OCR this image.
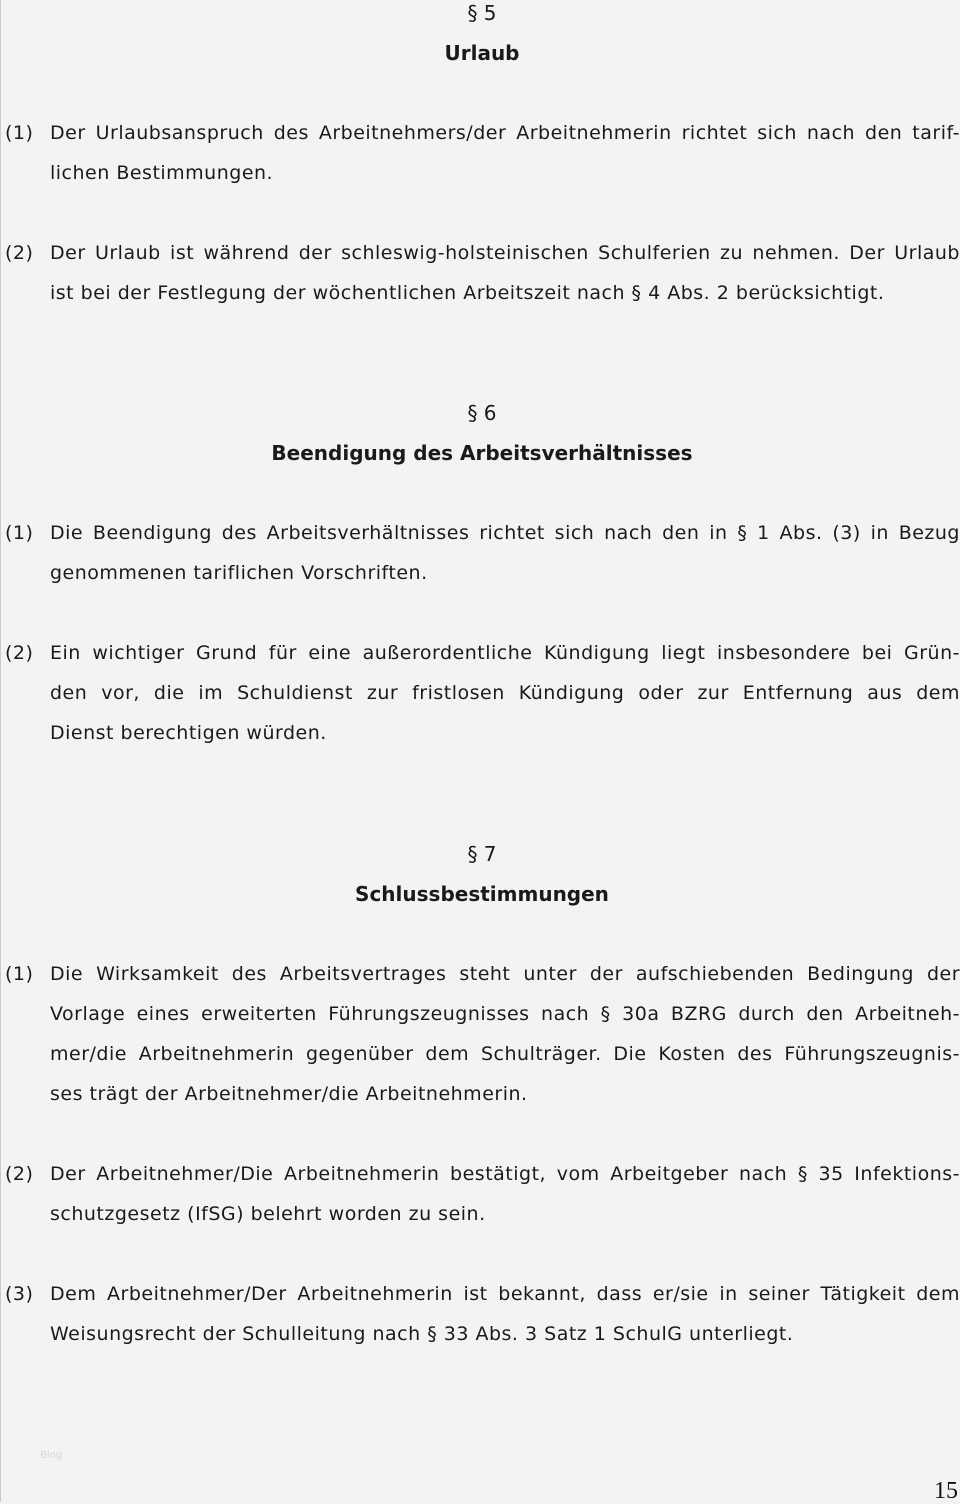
§ 5
Urlaub
(1) Der Urlaubsanspruch des Arbeitnehmers/der Arbeitnehmerin richtet sich nach den tarif-
lichen Bestimmungen.
(2) Der Urlaub ist während der schleswig-holsteinischen Schulferien zu nehmen. Der Urlaub
ist bei der Festlegung der wöchentlichen Arbeitszeit nach § 4 Abs. 2 berücksichtigt.
§ 6
Beendigung des Arbeitsverhältnisses
(1) Die Beendigung des Arbeitsverhältnisses richtet sich nach den in § 1 Abs. (3) in Bezug
genommenen tariflichen Vorschriften.
(2) Ein wichtiger Grund für eine außerordentliche Kündigung liegt insbesondere bei Grün-
den vor, die im Schuldienst zur fristlosen Kündigung oder zur Entfernung aus dem
Dienst berechtigen würden.
§ 7
Schlussbestimmungen
(1) Die Wirksamkeit des Arbeitsvertrages steht unter der aufschiebenden Bedingung der
Vorlage eines erweiterten Führungszeugnisses nach § 30a BZRG durch den Arbeitneh-
mer/die Arbeitnehmerin gegenüber dem Schulträger. Die Kosten des Führungszeugnis-
ses trägt der Arbeitnehmer/die Arbeitnehmerin.
(2) Der Arbeitnehmer/Die Arbeitnehmerin bestätigt, vom Arbeitgeber nach § 35 Infektions-
schutzgesetz (IfSG) belehrt worden zu sein.
(3) Dem Arbeitnehmer/Der Arbeitnehmerin ist bekannt, dass er/sie in seiner Tätigkeit dem
Weisungsrecht der Schulleitung nach § 33 Abs. 3 Satz 1 SchulG unterliegt.
Blog
15
